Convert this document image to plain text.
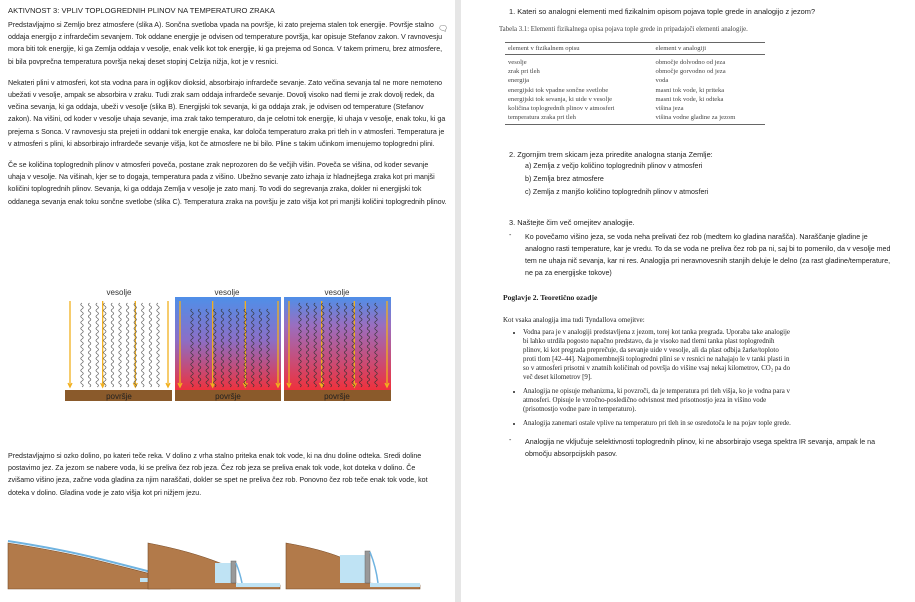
AKTIVNOST 3: VPLIV TOPLOGREDNIH PLINOV NA TEMPERATURO ZRAKA

Predstavljajmo si Zemljo brez atmosfere (slika A). Sončna svetloba vpada na površje, ki zato prejema stalen tok energije. Površje stalno oddaja energijo z infrardečim sevanjem. Tok oddane energije je odvisen od temperature površja, kar opisuje Stefanov zakon. V ravnovesju mora biti tok energije, ki ga Zemlja oddaja v vesolje, enak velik kot tok energije, ki ga prejema od Sonca. V takem primeru, brez atmosfere, bi bila povprečna temperatura površja nekaj deset stopinj Celzija nižja, kot je v resnici.

Nekateri plini v atmosferi, kot sta vodna para in ogljikov dioksid, absorbirajo infrardeče sevanje. Zato večina sevanja tal ne more nemoteno ubežati v vesolje, ampak se absorbira v zraku. Tudi zrak sam oddaja infrardeče sevanje. Dovolj visoko nad tlemi je zrak dovolj redek, da večina sevanja, ki ga oddaja, ubeži v vesolje (slika B). Energijski tok sevanja, ki ga oddaja zrak, je odvisen od temperature (Stefanov zakon). Na višini, od koder v vesolje uhaja sevanje, ima zrak tako temperaturo, da je celotni tok energije, ki uhaja v vesolje, enak toku, ki ga prejema s Sonca. V ravnovesju sta prejeti in oddani tok energije enaka, kar določa temperaturo zraka pri tleh in v atmosferi. Temperatura je v atmosferi s plini, ki absorbirajo infrardeče sevanje višja, kot če atmosfere ne bi bilo. Pline s takim učinkom imenujemo toplogredni plini.

Če se količina toplogrednih plinov v atmosferi poveča, postane zrak neprozoren do še večjih višin. Poveča se višina, od koder sevanje uhaja v vesolje. Na višinah, kjer se to dogaja, temperatura pada z višino. Ubežno sevanje zato izhaja iz hladnejšega zraka kot pri manjši količini toplogrednih plinov. Sevanja, ki ga oddaja Zemlja v vesolje je zato manj. To vodi do segrevanja zraka, dokler ni energijski tok oddanega sevanja enak toku sončne svetlobe (slika C). Temperatura zraka na površju je zato višja kot pri manjši količini toplogrednih plinov.

vesolje
površje
vesolje
površje
vesolje
površje

Predstavljajmo si ozko dolino, po kateri teče reka. V dolino z vrha stalno priteka enak tok vode, ki na dnu doline odteka. Sredi doline postavimo jez. Za jezom se nabere voda, ki se preliva čez rob jeza. Čez rob jeza se preliva enak tok vode, kot doteka v dolino. Če zvišamo višino jeza, začne voda gladina za njim naraščati, dokler se spet ne preliva čez rob. Ponovno čez rob teče enak tok vode, kot doteka v dolino. Gladina vode je zato višja kot pri nižjem jezu.

🗨

1. Kateri so analogni elementi med fizikalnim opisom pojava tople grede in analogijo z jezom?

Tabela 3.1: Elementi fizikalnega opisa pojava tople grede in pripadajoči elementi analogije.

element v fizikalnem opisu	element v analogiji
vesolje	območje dolvodno od jeza
zrak pri tleh	območje gorvodno od jeza
energija	voda
energijski tok vpadne sončne svetlobe	masni tok vode, ki priteka
energijski tok sevanja, ki uide v vesolje	masni tok vode, ki odteka
količina toplogrednih plinov v atmosferi	višina jeza
temperatura zraka pri tleh	višina vodne gladine za jezom

2. Zgornjim trem skicam jeza priredite analogna stanja Zemlje:

a) Zemlja z večjo količino toplogrednih plinov v atmosferi

b) Zemlja brez atmosfere

c) Zemlja z manjšo količino toplogrednih plinov v atmosferi

3. Naštejte čim več omejitev analogije.

-	Ko povečamo višino jeza, se voda neha prelivati čez rob (medtem ko gladina narašča). Naraščanje gladine je analogno rasti temperature, kar je vredu. To da se voda ne preliva čez rob pa ni, saj bi to pomenilo, da v vesolje med tem ne uhaja nič sevanja, kar ni res. Analogija pri neravnovesnih stanjih deluje le delno (za rast gladine/temperature, ne pa za energijske tokove)

Poglavje 2. Teoretično ozadje

Kot vsaka analogija ima tudi Tyndallova omejitve:

• Vodna para je v analogiji predstavljena z jezom, torej kot tanka pregrada. Uporaba take analogije bi lahko utrdila pogosto napačno predstavo, da je visoko nad tlemi tanka plast toplogrednih plinov, ki kot pregrada preprečuje, da sevanje uide v vesolje, ali da plast odbija žarke/toploto proti tlom [42–44]. Najpomembnejši toplogredni plini se v resnici ne nahajajo le v tanki plasti in so v atmosferi prisotni v znatnih količinah od površja do višine vsaj nekaj kilometrov, CO₂ pa do več deset kilometrov [9].
• Analogija ne opisuje mehanizma, ki povzroči, da je temperatura pri tleh višja, ko je vodna para v atmosferi. Opisuje le vzročno-posledično odvisnost med prisotnostjo jeza in višino vode (prisotnostjo vodne pare in temperaturo).
• Analogija zanemari ostale vplive na temperaturo pri tleh in se osredotoča le na pojav tople grede.
-	Analogija ne vključuje selektivnosti toplogrednih plinov, ki ne absorbirajo vsega spektra IR sevanja, ampak le na območju absorpcijskih pasov.
